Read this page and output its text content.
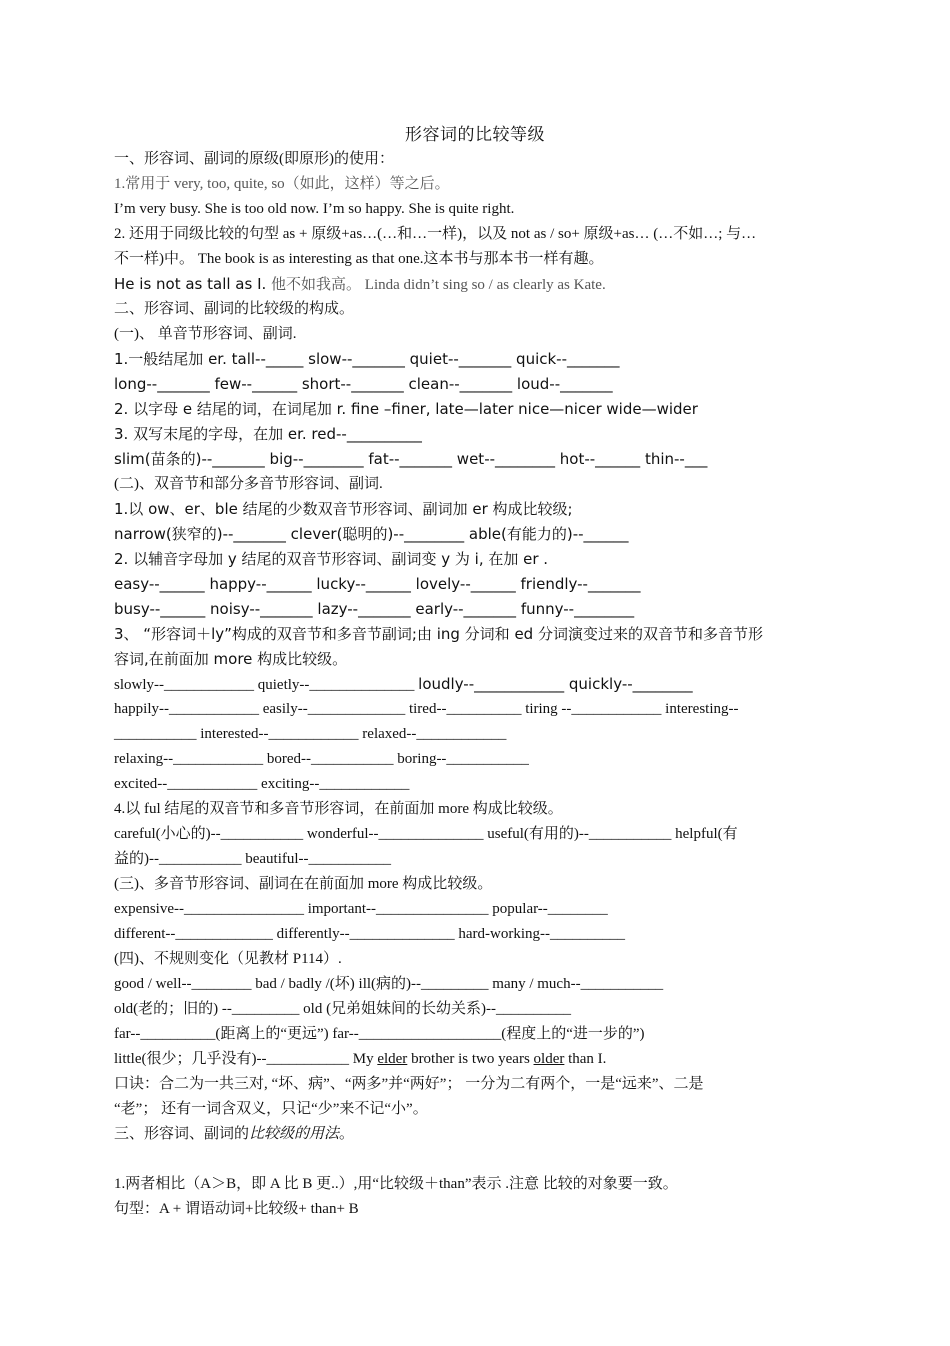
形容词的比较等级
一、形容词、副词的原级(即原形)的使用：
1.常用于 very, too, quite, so（如此，这样）等之后。
I’m very busy. She is too old now. I’m so happy. She is quite right.
2. 还用于同级比较的句型 as + 原级+as…(…和…一样)，以及 not as / so+ 原级+as… (…不如…; 与…
不一样)中。 The book is as interesting as that one.这本书与那本书一样有趣。
He is not as tall as I. 他不如我高。 Linda didn’t sing so / as clearly as Kate.
二、形容词、副词的比较级的构成。
(一)、 单音节形容词、副词.
1.一般结尾加 er. tall--_____ slow--_______ quiet--_______ quick--_______
long--_______ few--______ short--_______ clean--_______ loud--_______
2. 以字母 e 结尾的词，在词尾加 r. fine –finer, late—later nice—nicer wide—wider
3. 双写末尾的字母，在加 er. red--__________
slim(苗条的)--_______ big--________ fat--_______ wet--________ hot--______ thin--___
(二)、双音节和部分多音节形容词、副词.
1.以 ow、er、ble 结尾的少数双音节形容词、副词加 er 构成比较级;
narrow(狭窄的)--_______ clever(聪明的)--________ able(有能力的)--______
2. 以辅音字母加 y 结尾的双音节形容词、副词变 y 为 i, 在加 er .
easy--______ happy--______ lucky--______ lovely--______ friendly--_______
busy--______ noisy--_______ lazy--_______ early--_______ funny--________
3、 “形容词＋ly”构成的双音节和多音节副词;由 ing 分词和 ed 分词演变过来的双音节和多音节形
容词,在前面加 more 构成比较级。
slowly--____________ quietly--______________ loudly--____________ quickly--________
happily--____________ easily--_____________ tired--__________ tiring --____________ interesting--
___________ interested--____________ relaxed--____________
relaxing--____________ bored--___________ boring--___________
excited--____________ exciting--____________
4.以 ful 结尾的双音节和多音节形容词，在前面加 more 构成比较级。
careful(小心的)--___________ wonderful--______________ useful(有用的)--___________ helpful(有
益的)--___________ beautiful--___________
(三)、多音节形容词、副词在在前面加 more 构成比较级。
expensive--________________ important--_______________ popular--________
different--_____________ differently--______________ hard-working--__________
(四)、不规则变化（见教材 P114）.
good / well--________ bad / badly /(坏) ill(病的)--_________ many / much--___________
old(老的；旧的) --_________ old (兄弟姐妹间的长幼关系)--__________
far--__________(距离上的“更远”) far--___________________(程度上的“进一步的”)
little(很少；几乎没有)--___________ My elder brother is two years older than I.
口诀：合二为一共三对, “坏、病”、“两多”并“两好”； 一分为二有两个，一是“远来”、二是
“老”； 还有一词含双义，只记“少”来不记“小”。
三、形容词、副词的比较级的用法。
1.两者相比（A＞B，即 A 比 B 更..）,用“比较级＋than”表示 .注意 比较的对象要一致。
句型：A + 谓语动词+比较级+ than+ B
